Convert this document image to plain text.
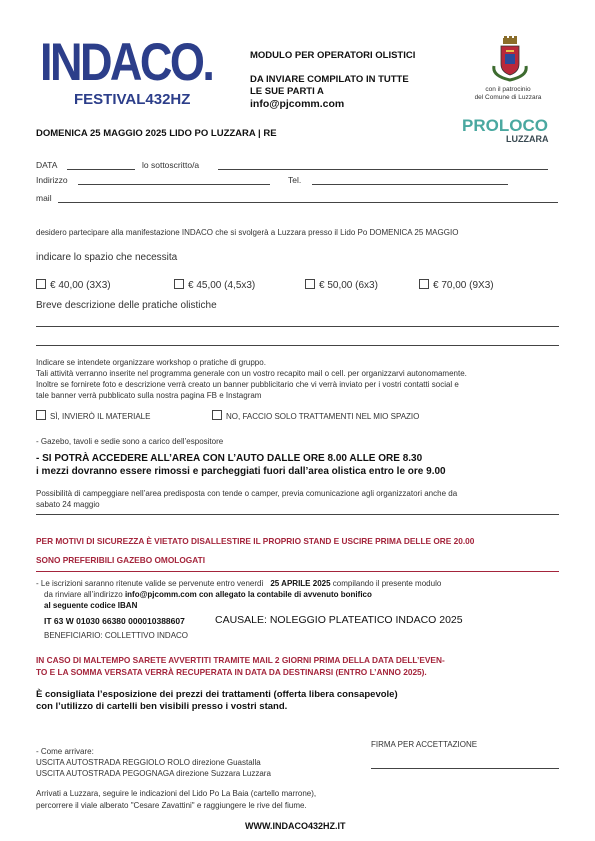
INDACO.
FESTIVAL432HZ
MODULO PER OPERATORI OLISTICI
DA INVIARE COMPILATO IN TUTTE
LE SUE PARTI A
info@pjcomm.com
con il patrocinio
del Comune di Luzzara
PROLOCO
LUZZARA
DOMENICA 25 MAGGIO 2025 LIDO PO LUZZARA | RE
DATA	lo sottoscritto/a
Indirizzo	Tel.
mail
desidero partecipare alla manifestazione INDACO che si svolgerà a Luzzara presso il Lido Po DOMENICA 25 MAGGIO
indicare lo spazio che necessita
€ 40,00 (3X3)	€ 45,00 (4,5x3)	€ 50,00 (6x3)	€ 70,00 (9X3)
Breve descrizione delle pratiche olistiche
Indicare se intendete organizzare workshop o pratiche di gruppo.
Tali attività verranno inserite nel programma generale con un vostro recapito mail o cell. per organizzarvi autonomamente.
Inoltre se fornirete foto e descrizione verrà creato un banner pubblicitario che vi verrà inviato per i vostri contatti social e
tale banner verrà pubblicato sulla nostra pagina FB e Instagram
SÌ, INVIERÒ IL MATERIALE	NO, FACCIO SOLO TRATTAMENTI NEL MIO SPAZIO
- Gazebo, tavoli e sedie sono a carico dell’espositore
- SI POTRÀ ACCEDERE ALL’AREA CON L’AUTO DALLE ORE 8.00 ALLE ORE 8.30
i mezzi dovranno essere rimossi e parcheggiati fuori dall’area olistica entro le ore 9.00
Possibilità di campeggiare nell’area predisposta con tende o camper, previa comunicazione agli organizzatori anche da
sabato 24 maggio
PER MOTIVI DI SICUREZZA È VIETATO DISALLESTIRE IL PROPRIO STAND E USCIRE PRIMA DELLE ORE 20.00
SONO PREFERIBILI GAZEBO OMOLOGATI
- Le iscrizioni saranno ritenute valide se pervenute entro venerdì 25 APRILE 2025 compilando il presente modulo
da rinviare all’indirizzo info@pjcomm.com con allegato la contabile di avvenuto bonifico
al seguente codice IBAN
IT 63 W 01030 66380 000010388607	CAUSALE: NOLEGGIO PLATEATICO INDACO 2025
BENEFICIARIO: COLLETTIVO INDACO
IN CASO DI MALTEMPO SARETE AVVERTITI TRAMITE MAIL 2 GIORNI PRIMA DELLA DATA DELL’EVEN-
TO E LA SOMMA VERSATA VERRÀ RECUPERATA IN DATA DA DESTINARSI (ENTRO L’ANNO 2025).
È consigliata l’esposizione dei prezzi dei trattamenti (offerta libera consapevole)
con l’utilizzo di cartelli ben visibili presso i vostri stand.
- Come arrivare:
USCITA AUTOSTRADA REGGIOLO ROLO direzione Guastalla
USCITA AUTOSTRADA PEGOGNAGA direzione Suzzara Luzzara
Arrivati a Luzzara, seguire le indicazioni del Lido Po La Baia (cartello marrone),
percorrere il viale alberato "Cesare Zavattini" e raggiungere le rive del fiume.
FIRMA PER ACCETTAZIONE
WWW.INDACO432HZ.IT
